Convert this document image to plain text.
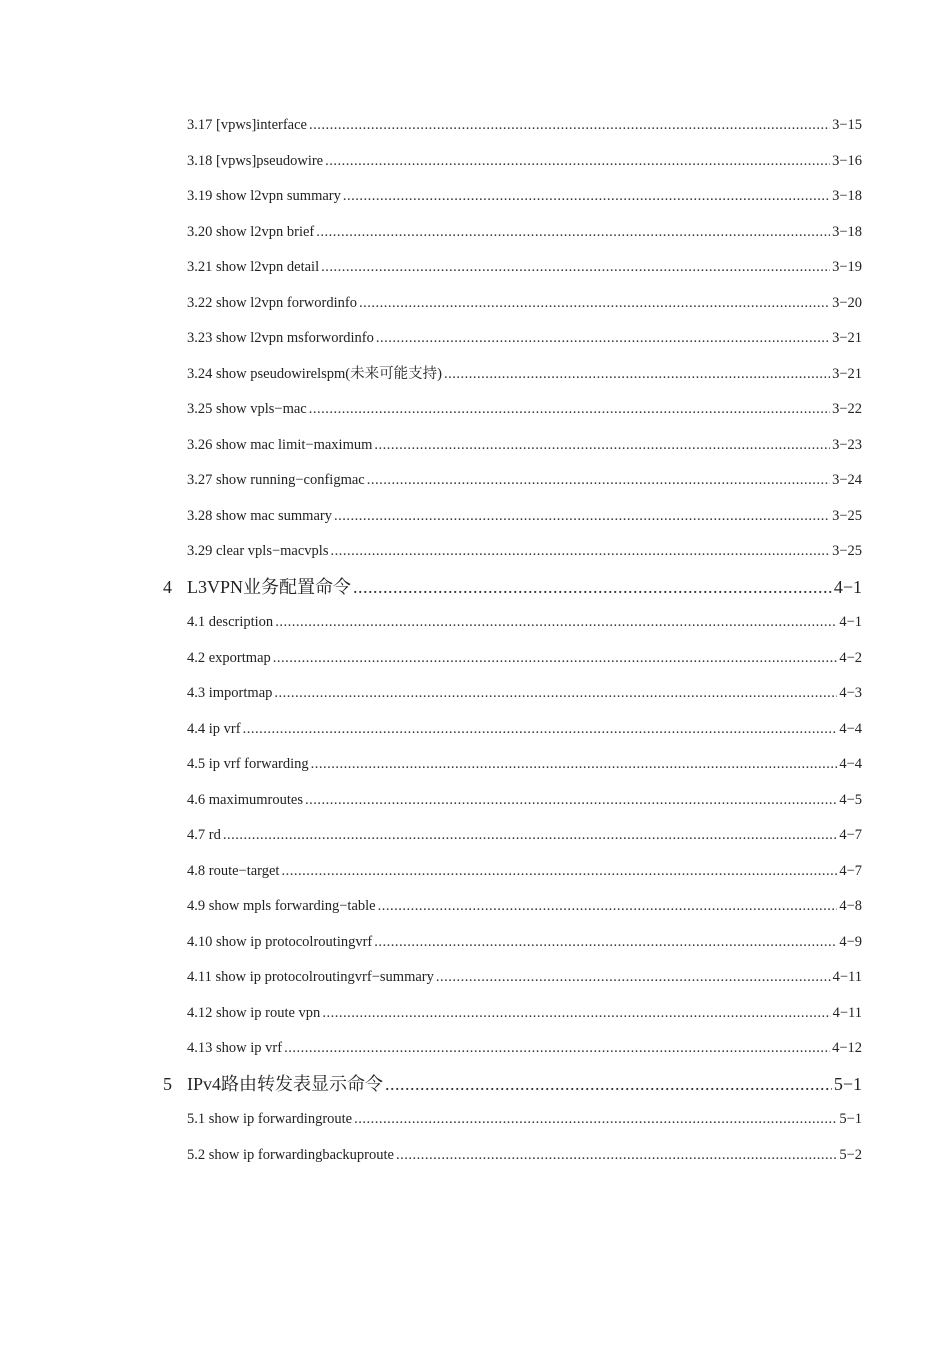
3.17 [vpws]interface .....	3−15
3.18 [vpws]pseudowire .....	3−16
3.19 show l2vpn summary .....	3−18
3.20 show l2vpn brief .....	3−18
3.21 show l2vpn detail .....	3−19
3.22 show l2vpn forwordinfo .....	3−20
3.23 show l2vpn msforwordinfo .....	3−21
3.24 show pseudowirelspm(未来可能支持) .....	3−21
3.25 show vpls−mac .....	3−22
3.26 show mac limit−maximum .....	3−23
3.27 show running−configmac .....	3−24
3.28 show mac summary .....	3−25
3.29 clear vpls−macvpls .....	3−25
4 L3VPN业务配置命令 .....	4−1
4.1 description .....	4−1
4.2 exportmap .....	4−2
4.3 importmap .....	4−3
4.4 ip vrf .....	4−4
4.5 ip vrf forwarding .....	4−4
4.6 maximumroutes .....	4−5
4.7 rd .....	4−7
4.8 route−target .....	4−7
4.9 show mpls forwarding−table .....	4−8
4.10 show ip protocolroutingvrf .....	4−9
4.11 show ip protocolroutingvrf−summary .....	4−11
4.12 show ip route vpn .....	4−11
4.13 show ip vrf .....	4−12
5 IPv4路由转发表显示命令 .....	5−1
5.1 show ip forwardingroute .....	5−1
5.2 show ip forwardingbackuproute .....	5−2
